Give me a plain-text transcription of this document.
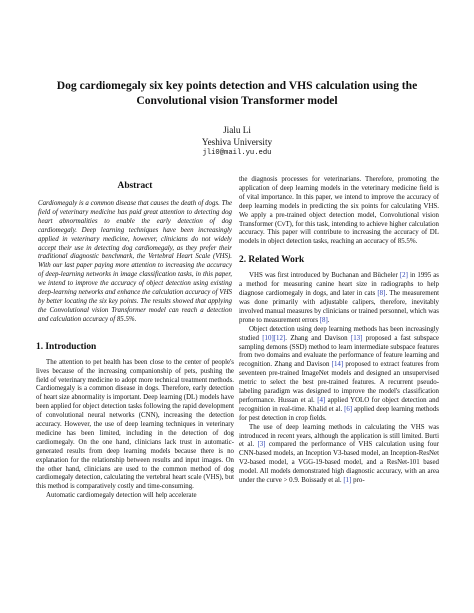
Dog cardiomegaly six key points detection and VHS calculation using the
Convolutional vision Transformer model
Jialu Li
Yeshiva University
jli0@mail.yu.edu
Abstract

Cardiomegaly is a common disease that causes the death of dogs. The field of veterinary medicine has paid great attention to detecting dog heart abnormalities to enable the early detection of dog cardiomegaly. Deep learning techniques have been increasingly applied in veterinary medicine, however, clinicians do not widely accept their use in detecting dog cardiomegaly, as they prefer their traditional diagnostic benchmark, the Vertebral Heart Scale (VHS). With our last paper paying more attention to increasing the accuracy of deep-learning networks in image classification tasks, in this paper, we intend to improve the accuracy of object detection using existing deep-learning networks and enhance the calculation accuracy of VHS by better locating the six key points. The results showed that applying the Convolutional vision Transformer model can reach a detection and calculation accuracy of 85.5%.

1. Introduction

The attention to pet health has been close to the center of people's lives because of the increasing companionship of pets, pushing the field of veterinary medicine to adopt more technical treatment methods. Cardiomegaly is a common disease in dogs. Therefore, early detection of heart size abnormality is important. Deep learning (DL) models have been applied for object detection tasks following the rapid development of convolutional neural networks (CNN), increasing the detection accuracy. However, the use of deep learning techniques in veterinary medicine has been limited, including in the detection of dog cardiomegaly. On the one hand, clinicians lack trust in automatic-generated results from deep learning models because there is no explanation for the relationship between results and input images. On the other hand, clinicians are used to the common method of dog cardiomegaly detection, calculating the vertebral heart scale (VHS), but this method is comparatively costly and time-consuming.

Automatic cardiomegaly detection will help accelerate

the diagnosis processes for veterinarians. Therefore, promoting the application of deep learning models in the veterinary medicine field is of vital importance. In this paper, we intend to improve the accuracy of deep learning models in predicting the six points for calculating VHS. We apply a pre-trained object detection model, Convolutional vision Transformer (CvT), for this task, intending to achieve higher calculation accuracy. This paper will contribute to increasing the accuracy of DL models in object detection tasks, reaching an accuracy of 85.5%.

2. Related Work

VHS was first introduced by Buchanan and Bücheler [2] in 1995 as a method for measuring canine heart size in radiographs to help diagnose cardiomegaly in dogs, and later in cats [8]. The measurement was done primarily with adjustable calipers, therefore, inevitably involved manual measures by clinicians or trained personnel, which was prone to measurement errors [8].

Object detection using deep learning methods has been increasingly studied [10][12]. Zhang and Davison [13] proposed a fast subspace sampling demons (SSD) method to learn intermediate subspace features from two domains and evaluate the performance of feature learning and recognition. Zhang and Davison [14] proposed to extract features from seventeen pre-trained ImageNet models and designed an unsupervised metric to select the best pre-trained features. A recurrent pseudo-labeling paradigm was designed to improve the model's classification performance. Hussan et al. [4] applied YOLO for object detection and recognition in real-time. Khalid et al. [6] applied deep learning methods for pest detection in crop fields.

The use of deep learning methods in calculating the VHS was introduced in recent years, although the application is still limited. Burti et al. [3] compared the performance of VHS calculation using four CNN-based models, an Inception V3-based model, an Inception-ResNet V2-based model, a VGG-19-based model, and a ResNet-101 based model. All models demonstrated high diagnostic accuracy, with an area under the curve > 0.9. Boissady et al. [1] pro-
